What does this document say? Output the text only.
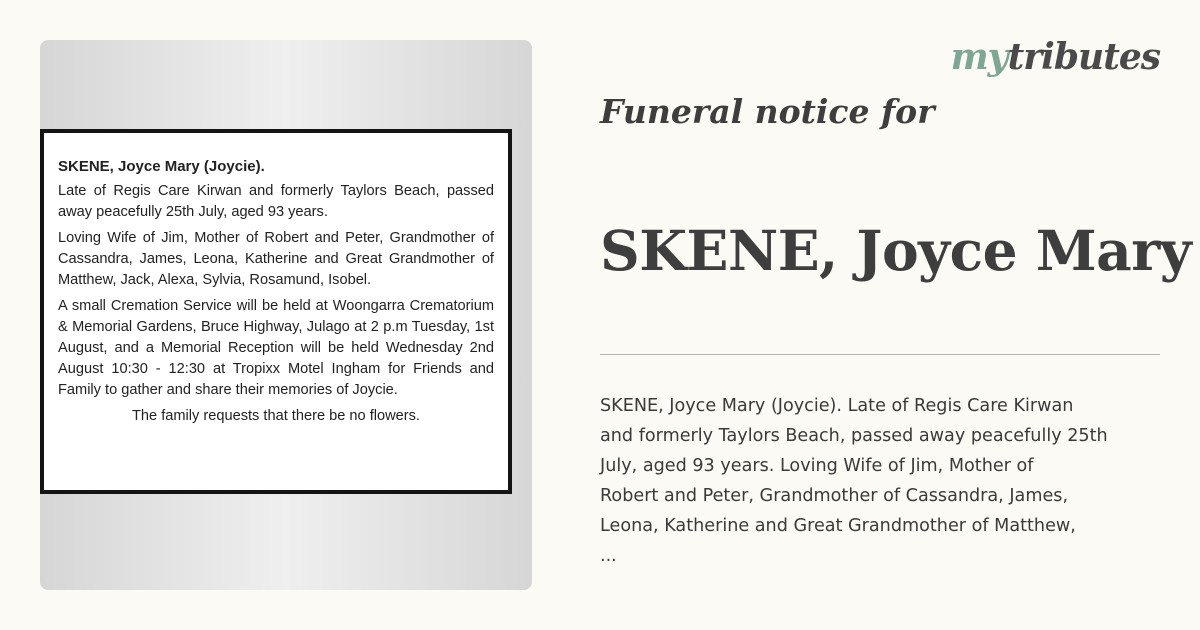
SKENE, Joyce Mary (Joycie).

Late of Regis Care Kirwan and formerly Taylors Beach, passed away peacefully 25th July, aged 93 years.

Loving Wife of Jim, Mother of Robert and Peter, Grandmother of Cassandra, James, Leona, Katherine and Great Grandmother of Matthew, Jack, Alexa, Sylvia, Rosamund, Isobel.

A small Cremation Service will be held at Woongarra Crematorium & Memorial Gardens, Bruce Highway, Julago at 2 p.m Tuesday, 1st August, and a Memorial Reception will be held Wednesday 2nd August 10:30 - 12:30 at Tropixx Motel Ingham for Friends and Family to gather and share their memories of Joycie.

The family requests that there be no flowers.

mytributes
Funeral notice for
SKENE, Joyce Mary

SKENE, Joyce Mary (Joycie). Late of Regis Care Kirwan
and formerly Taylors Beach, passed away peacefully 25th
July, aged 93 years. Loving Wife of Jim, Mother of
Robert and Peter, Grandmother of Cassandra, James,
Leona, Katherine and Great Grandmother of Matthew,
...
